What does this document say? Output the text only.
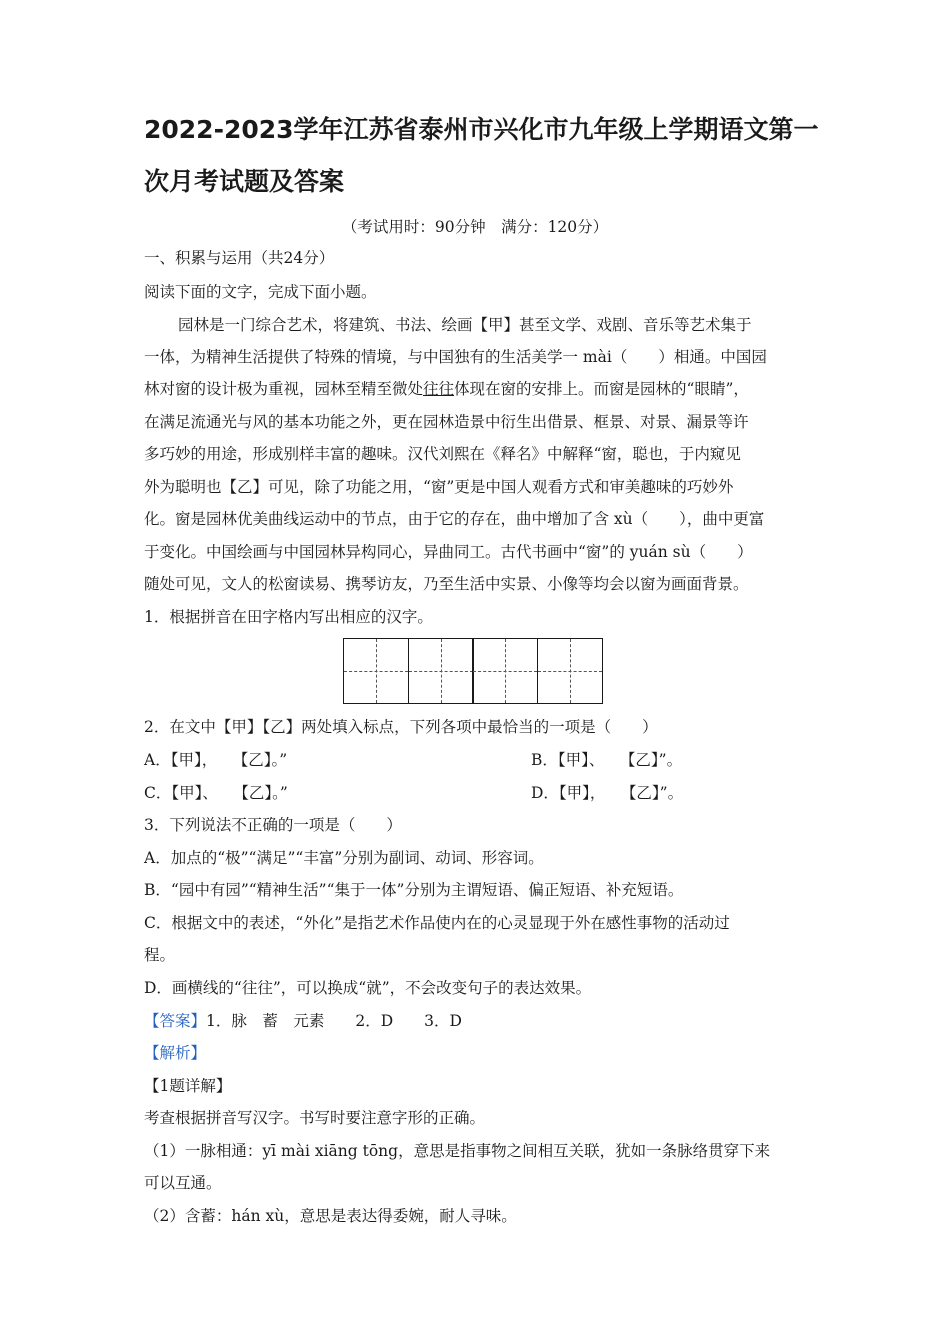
2022-2023学年江苏省泰州市兴化市九年级上学期语文第一
次月考试题及答案
（考试用时：90分钟　满分：120分）
一、积累与运用（共24分）
阅读下面的文字，完成下面小题。
园林是一门综合艺术，将建筑、书法、绘画【甲】甚至文学、戏剧、音乐等艺术集于
一体，为精神生活提供了特殊的情境，与中国独有的生活美学一 mài（　　）相通。中国园
林对窗的设计极为重视，园林至精至微处往往体现在窗的安排上。而窗是园林的“眼睛”，
在满足流通光与风的基本功能之外，更在园林造景中衍生出借景、框景、对景、漏景等许
多巧妙的用途，形成别样丰富的趣味。汉代刘熙在《释名》中解释“窗，聪也，于内窥见
外为聪明也【乙】可见，除了功能之用，“窗”更是中国人观看方式和审美趣味的巧妙外
化。窗是园林优美曲线运动中的节点，由于它的存在，曲中增加了含 xù（　　），曲中更富
于变化。中国绘画与中国园林异构同心，异曲同工。古代书画中“窗”的 yuán sù（　　）
随处可见，文人的松窗读易、携琴访友，乃至生活中实景、小像等均会以窗为画面背景。
1．根据拼音在田字格内写出相应的汉字。
2．在文中【甲】【乙】两处填入标点，下列各项中最恰当的一项是（　　）
A．【甲】，　　【乙】。”	B．【甲】、　　【乙】”。
C．【甲】、　　【乙】。”	D．【甲】，　　【乙】”。
3．下列说法不正确的一项是（　　）
A．加点的“极”“满足”“丰富”分别为副词、动词、形容词。
B．“园中有园”“精神生活”“集于一体”分别为主谓短语、偏正短语、补充短语。
C．根据文中的表述，“外化”是指艺术作品使内在的心灵显现于外在感性事物的活动过
程。
D．画横线的“往往”，可以换成“就”，不会改变句子的表达效果。
【答案】1．脉　蓄　元素　　2．D　　3．D
【解析】
【1题详解】
考查根据拼音写汉字。书写时要注意字形的正确。
（1）一脉相通：yī mài xiāng tōng，意思是指事物之间相互关联，犹如一条脉络贯穿下来
可以互通。
（2）含蓄：hán xù，意思是表达得委婉，耐人寻味。
